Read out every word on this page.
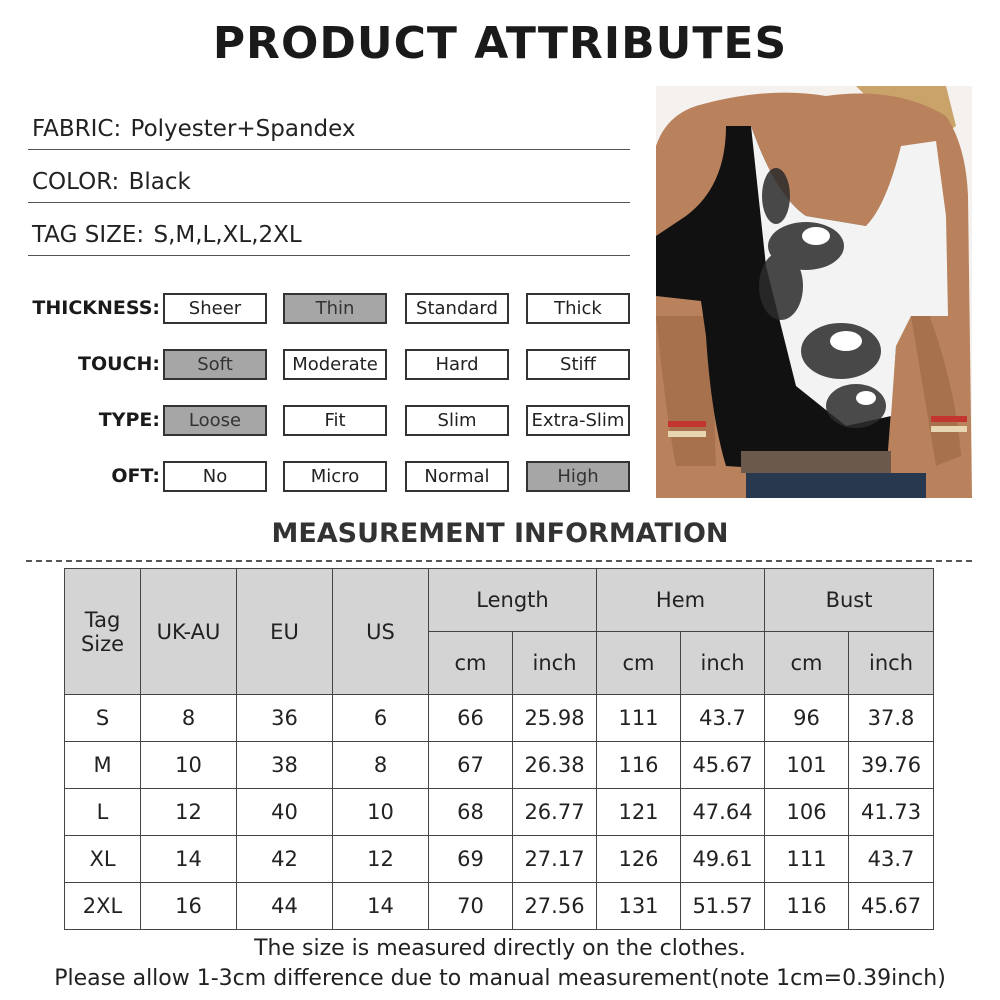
PRODUCT ATTRIBUTES
FABRIC: Polyester+Spandex
COLOR: Black
TAG SIZE: S,M,L,XL,2XL
THICKNESS:	Sheer	Thin	Standard	Thick
TOUCH:	Soft	Moderate	Hard	Stiff
TYPE:	Loose	Fit	Slim	Extra-Slim
OFT:	No	Micro	Normal	High
MEASUREMENT INFORMATION
Tag Size	UK-AU	EU	US	Length		Hem		Bust	
				cm	inch	cm	inch	cm	inch
S	8	36	6	66	25.98	111	43.7	96	37.8
M	10	38	8	67	26.38	116	45.67	101	39.76
L	12	40	10	68	26.77	121	47.64	106	41.73
XL	14	42	12	69	27.17	126	49.61	111	43.7
2XL	16	44	14	70	27.56	131	51.57	116	45.67
The size is measured directly on the clothes.
Please allow 1-3cm difference due to manual measurement(note 1cm=0.39inch)
